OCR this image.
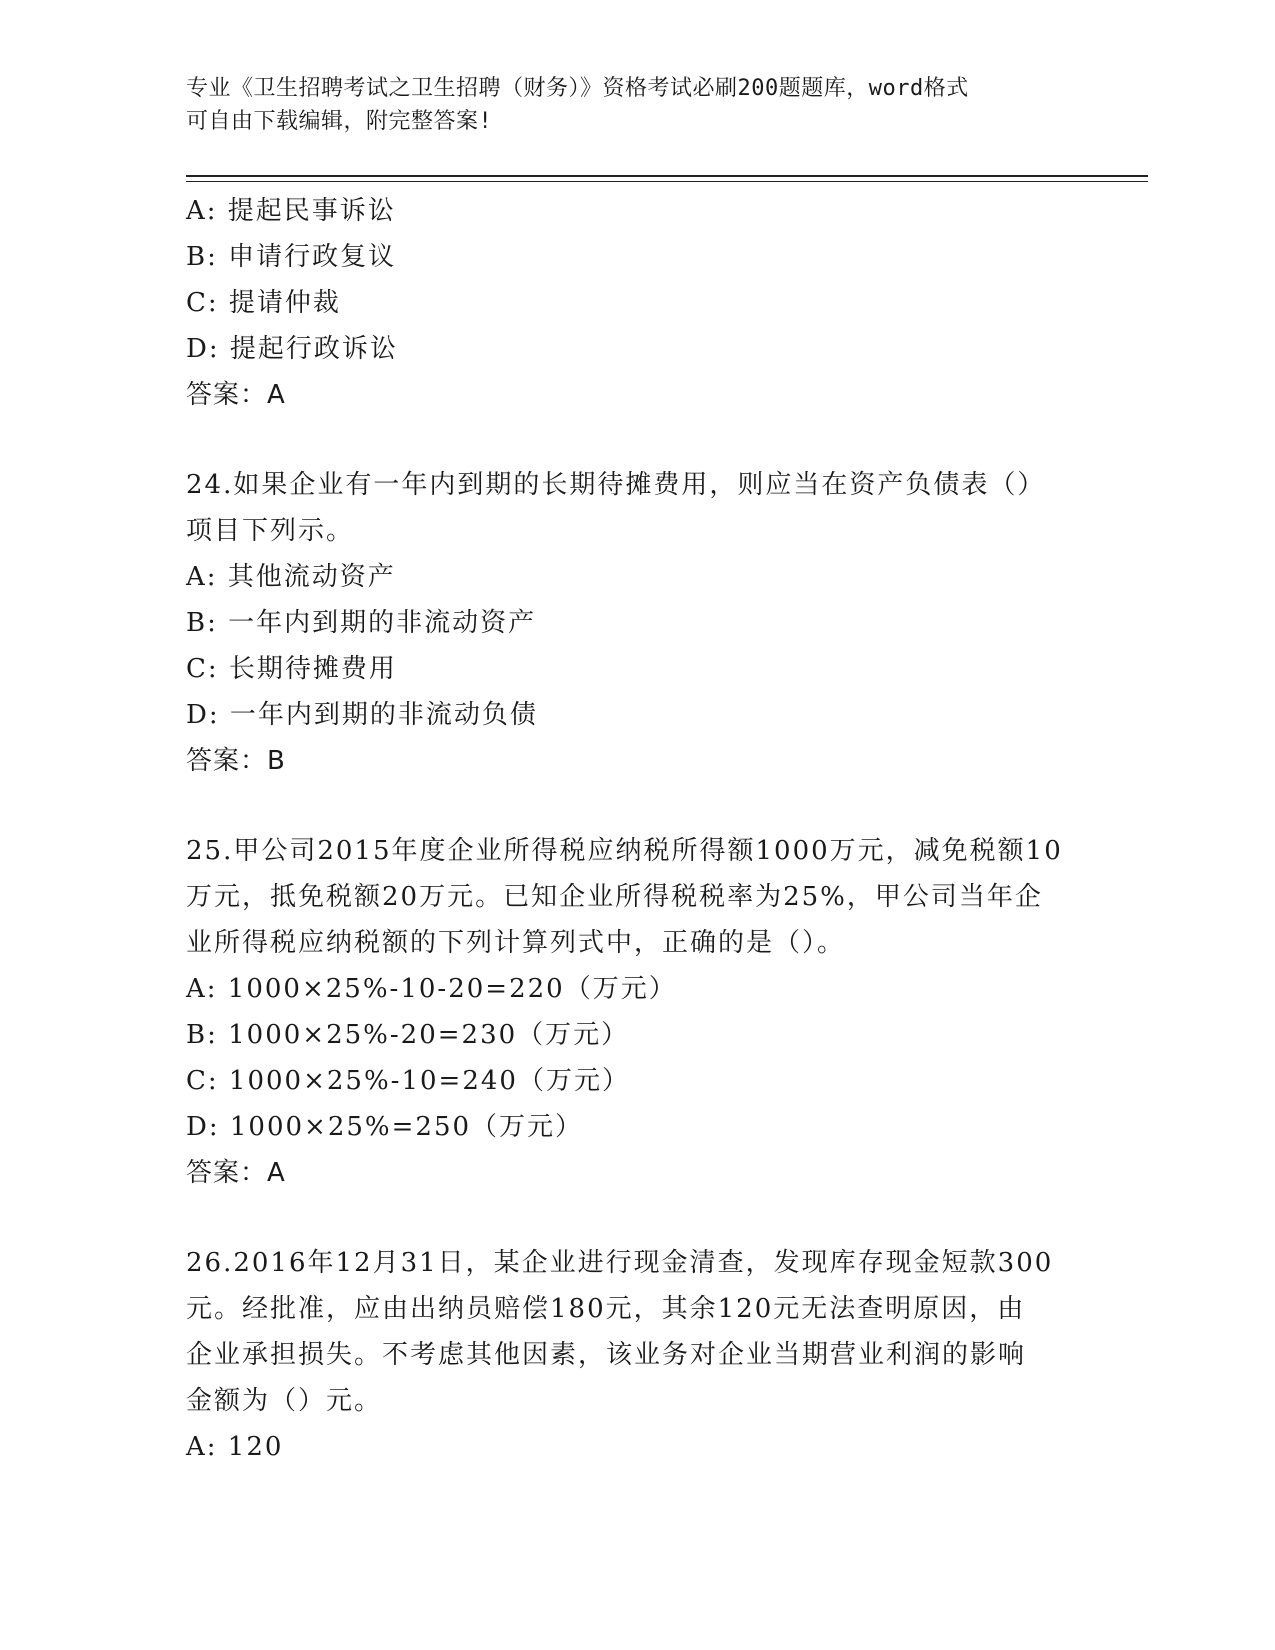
专业《卫生招聘考试之卫生招聘（财务）》资格考试必刷200题题库，word格式
可自由下载编辑，附完整答案!
A: 提起民事诉讼
B: 申请行政复议
C: 提请仲裁
D: 提起行政诉讼
答案：A
24.如果企业有一年内到期的长期待摊费用，则应当在资产负债表（）
项目下列示。
A: 其他流动资产
B: 一年内到期的非流动资产
C: 长期待摊费用
D: 一年内到期的非流动负债
答案：B
25.甲公司2015年度企业所得税应纳税所得额1000万元，减免税额10
万元，抵免税额20万元。已知企业所得税税率为25%，甲公司当年企
业所得税应纳税额的下列计算列式中，正确的是（）。
A: 1000×25%-10-20=220（万元）
B: 1000×25%-20=230（万元）
C: 1000×25%-10=240（万元）
D: 1000×25%=250（万元）
答案：A
26.2016年12月31日，某企业进行现金清查，发现库存现金短款300
元。经批准，应由出纳员赔偿180元，其余120元无法查明原因，由
企业承担损失。不考虑其他因素，该业务对企业当期营业利润的影响
金额为（）元。
A: 120
